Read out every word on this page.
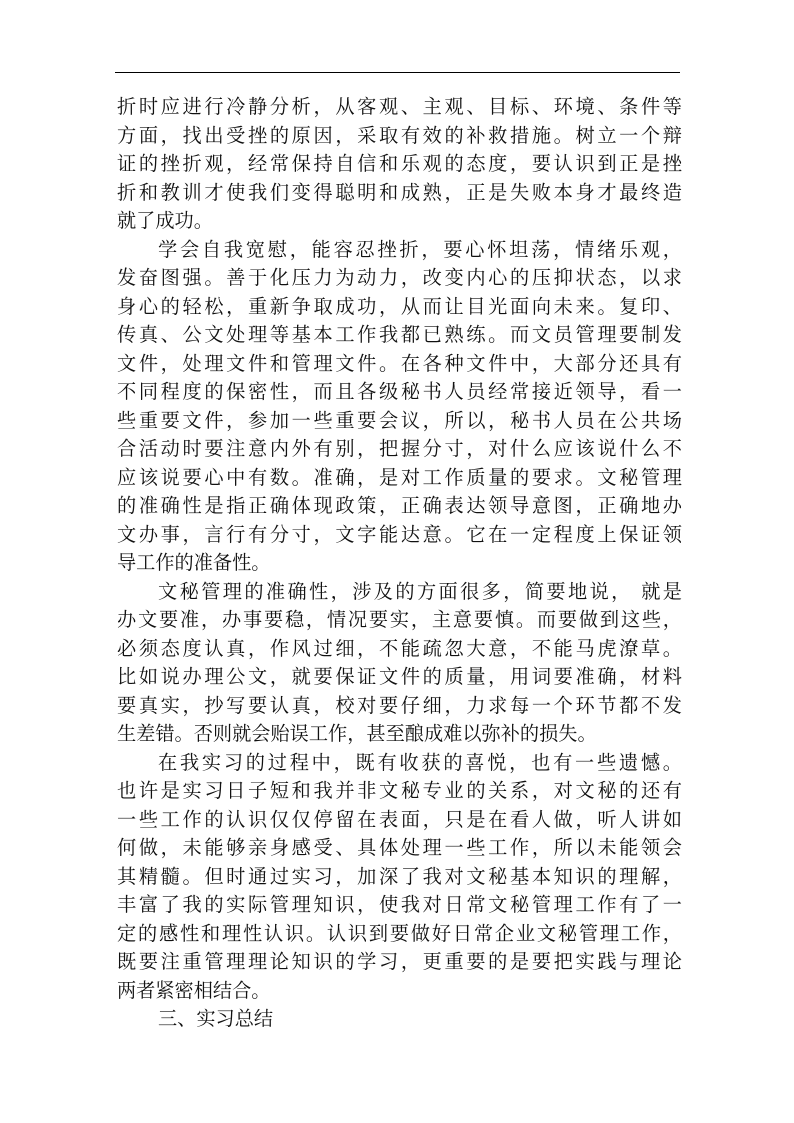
折时应进行冷静分析，从客观、主观、目标、环境、条件等
方面，找出受挫的原因，采取有效的补救措施。树立一个辩
证的挫折观，经常保持自信和乐观的态度，要认识到正是挫
折和教训才使我们变得聪明和成熟，正是失败本身才最终造
就了成功。
学会自我宽慰，能容忍挫折，要心怀坦荡，情绪乐观，
发奋图强。善于化压力为动力，改变内心的压抑状态，以求
身心的轻松，重新争取成功，从而让目光面向未来。复印、
传真、公文处理等基本工作我都已熟练。而文员管理要制发
文件，处理文件和管理文件。在各种文件中，大部分还具有
不同程度的保密性，而且各级秘书人员经常接近领导，看一
些重要文件，参加一些重要会议，所以，秘书人员在公共场
合活动时要注意内外有别，把握分寸，对什么应该说什么不
应该说要心中有数。准确，是对工作质量的要求。文秘管理
的准确性是指正确体现政策，正确表达领导意图，正确地办
文办事，言行有分寸，文字能达意。它在一定程度上保证领
导工作的准备性。
文秘管理的准确性，涉及的方面很多，简要地说， 就是
办文要准，办事要稳，情况要实，主意要慎。而要做到这些，
必须态度认真，作风过细，不能疏忽大意，不能马虎潦草。
比如说办理公文，就要保证文件的质量，用词要准确，材料
要真实，抄写要认真，校对要仔细，力求每一个环节都不发
生差错。否则就会贻误工作，甚至酿成难以弥补的损失。
在我实习的过程中，既有收获的喜悦，也有一些遗憾。
也许是实习日子短和我并非文秘专业的关系，对文秘的还有
一些工作的认识仅仅停留在表面，只是在看人做，听人讲如
何做，未能够亲身感受、具体处理一些工作，所以未能领会
其精髓。但时通过实习，加深了我对文秘基本知识的理解，
丰富了我的实际管理知识，使我对日常文秘管理工作有了一
定的感性和理性认识。认识到要做好日常企业文秘管理工作，
既要注重管理理论知识的学习，更重要的是要把实践与理论
两者紧密相结合。
三、实习总结
